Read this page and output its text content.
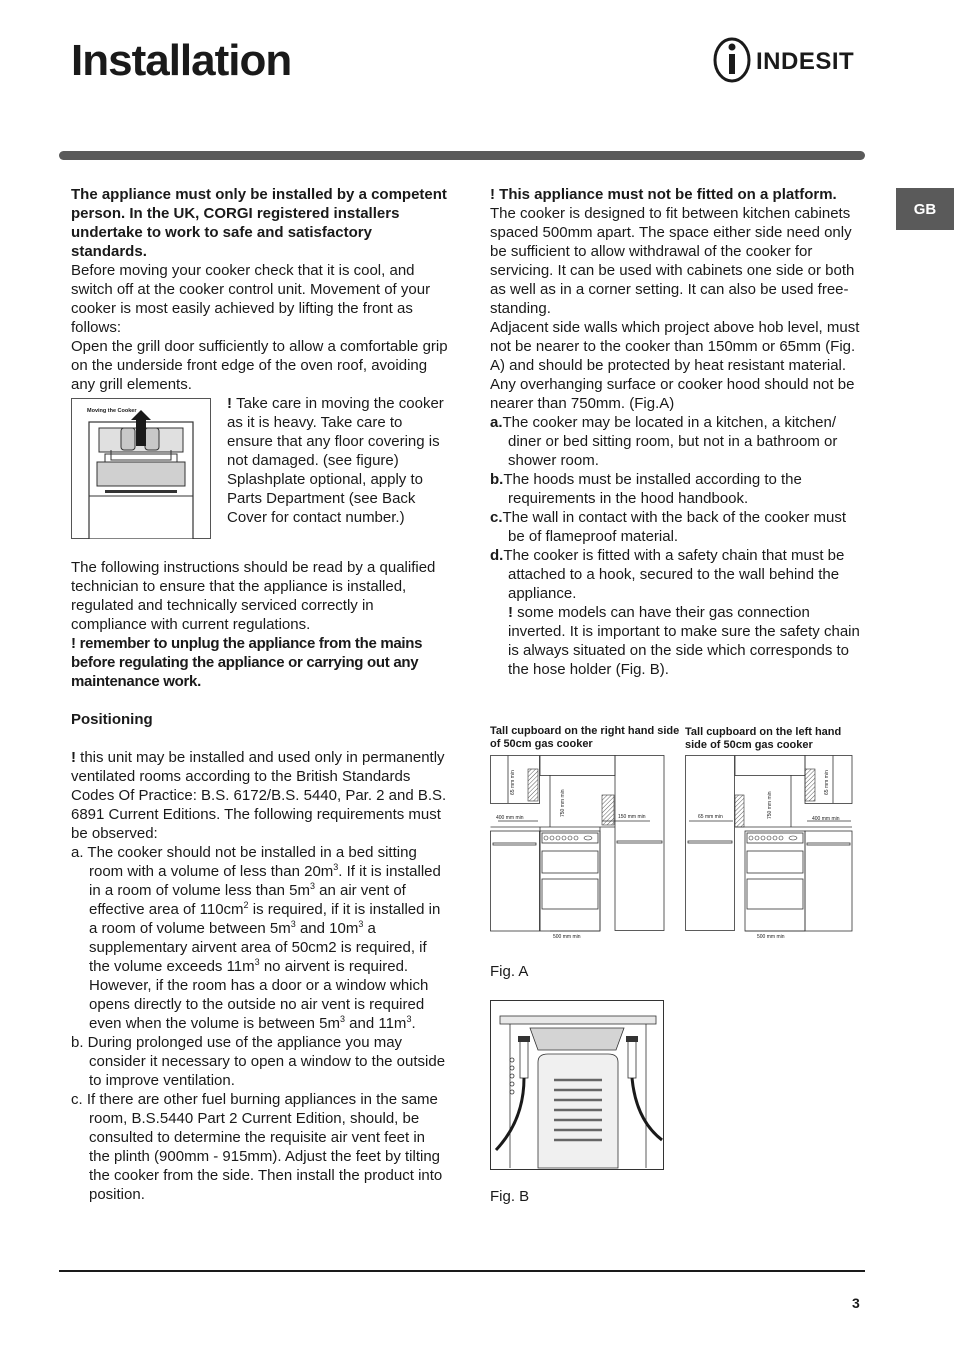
Installation	INDESIT
GB

The appliance must only be installed by a competent person. In the UK, CORGI registered installers undertake to work to safe and satisfactory standards.

Before moving your cooker check that it is cool, and switch off at the cooker control unit. Movement of your cooker is most easily achieved by lifting the front as follows:

Open the grill door sufficiently to allow a comfortable grip on the underside front edge of the oven roof, avoiding any grill elements.

Moving the Cooker	! Take care in moving the cooker as it is heavy. Take care to ensure that any floor covering is not damaged. (see figure)

Splashplate optional, apply to Parts Department (see Back Cover for contact number.)

The following instructions should be read by a qualified technician to ensure that the appliance is installed, regulated and technically serviced correctly in compliance with current regulations.

! remember to unplug the appliance from the mains before regulating the appliance or carrying out any maintenance work.

Positioning

! this unit may be installed and used only in permanently ventilated rooms according to the British Standards Codes Of Practice: B.S. 6172/B.S. 5440, Par. 2 and B.S. 6891 Current Editions. The following requirements must be observed:

a. The cooker should not be installed in a bed sitting room with a volume of less than $20m^3$. If it is installed in a room of volume less than $5m^3$ an air vent of effective area of $110cm^2$ is required, if it is installed in a room of volume between $5m^3$ and $10m^3$ a supplementary airvent area of 50cm2 is required, if the volume exceeds $11m^3$ no airvent is required. However, if the room has a door or a window which opens directly to the outside no air vent is required even when the volume is between $5m^3$ and $11m^3$.

b. During prolonged use of the appliance you may consider it necessary to open a window to the outside to improve ventilation.

c. If there are other fuel burning appliances in the same room, B.S.5440 Part 2 Current Edition, should, be consulted to determine the requisite air vent feet in the plinth (900mm - 915mm). Adjust the feet by tilting the cooker from the side. Then install the product into position.

! This appliance must not be fitted on a platform.

The cooker is designed to fit between kitchen cabinets spaced 500mm apart. The space either side need only be sufficient to allow withdrawal of the cooker for servicing. It can be used with cabinets one side or both as well as in a corner setting. It can also be used free-standing.

Adjacent side walls which project above hob level, must not be nearer to the cooker than 150mm or 65mm (Fig. A) and should be protected by heat resistant material. Any overhanging surface or cooker hood should not be nearer than 750mm. (Fig.A)

a.The cooker may be located in a kitchen, a kitchen/ diner or bed sitting room, but not in a bathroom or shower room.
b.The hoods must be installed according to the requirements in the hood handbook.
c.The wall in contact with the back of the cooker must be of flameproof material.
d.The cooker is fitted with a safety chain that must be attached to a hook, secured to the wall behind the appliance.
! some models can have their gas connection inverted. It is important to make sure the safety chain is always situated on the side which corresponds to the hose holder (Fig. B).
Tall cupboard on the right hand side of 50cm gas cooker
Tall cupboard on the left hand side of 50cm gas cooker
65 mm min
400 mm min
750 mm min	150 mm min
500 mm min
65 mm min
65 mm min	750 mm min	400 mm min
500 mm min
Fig. A
Fig. B
3
